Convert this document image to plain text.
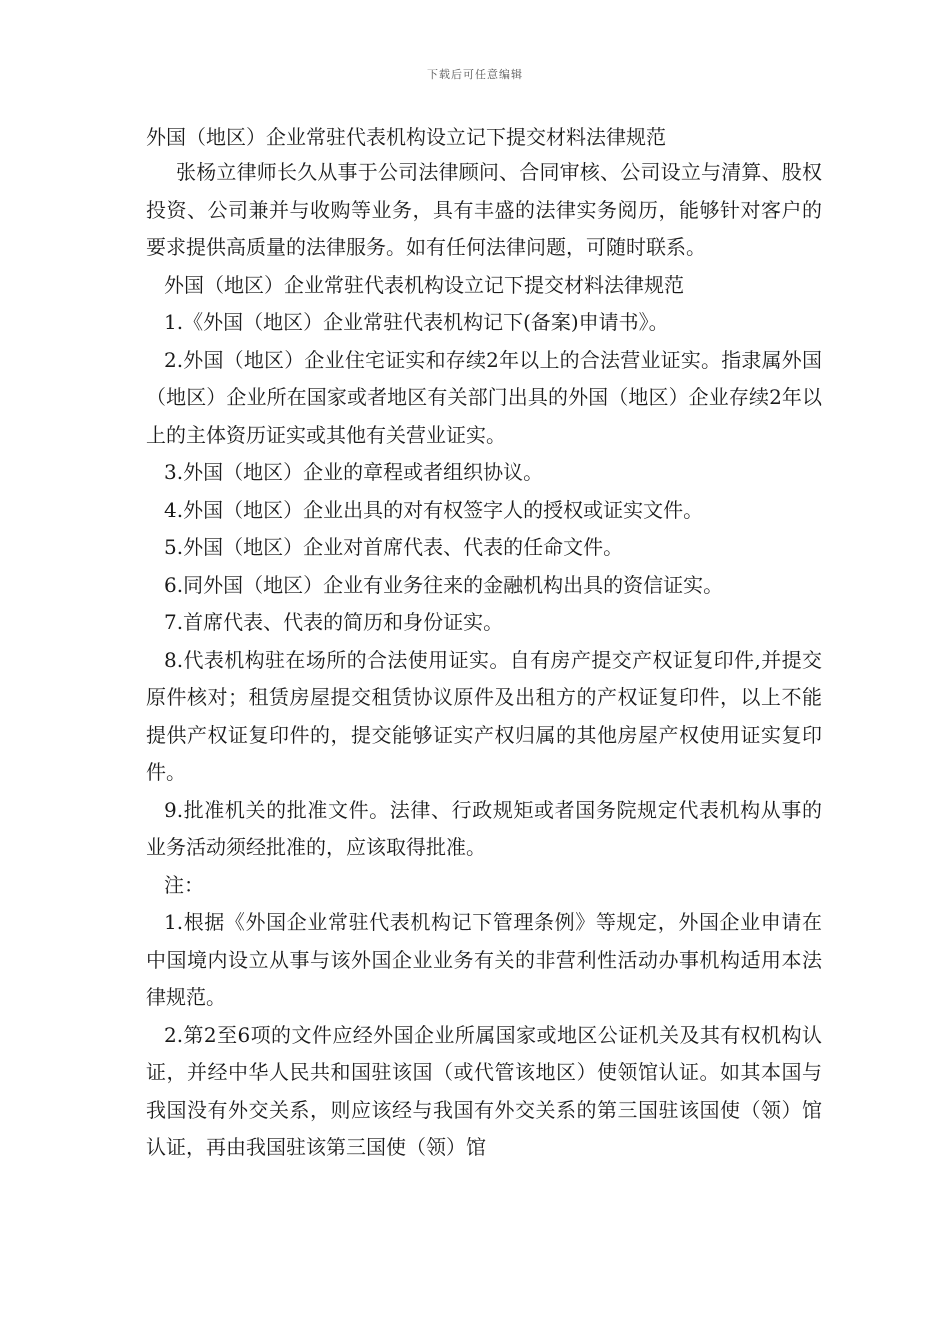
下载后可任意编辑
外国（地区）企业常驻代表机构设立记下提交材料法律规范

张杨立律师长久从事于公司法律顾问、合同审核、公司设立与清算、股权投资、公司兼并与收购等业务，具有丰盛的法律实务阅历，能够针对客户的要求提供高质量的法律服务。如有任何法律问题，可随时联系。

外国（地区）企业常驻代表机构设立记下提交材料法律规范

1.《外国（地区）企业常驻代表机构记下(备案)申请书》。

2.外国（地区）企业住宅证实和存续2年以上的合法营业证实。指隶属外国（地区）企业所在国家或者地区有关部门出具的外国（地区）企业存续2年以上的主体资历证实或其他有关营业证实。

3.外国（地区）企业的章程或者组织协议。

4.外国（地区）企业出具的对有权签字人的授权或证实文件。

5.外国（地区）企业对首席代表、代表的任命文件。

6.同外国（地区）企业有业务往来的金融机构出具的资信证实。

7.首席代表、代表的简历和身份证实。

8.代表机构驻在场所的合法使用证实。自有房产提交产权证复印件,并提交原件核对；租赁房屋提交租赁协议原件及出租方的产权证复印件，以上不能提供产权证复印件的，提交能够证实产权归属的其他房屋产权使用证实复印件。

9.批准机关的批准文件。法律、行政规矩或者国务院规定代表机构从事的业务活动须经批准的，应该取得批准。

注：

1.根据《外国企业常驻代表机构记下管理条例》等规定，外国企业申请在中国境内设立从事与该外国企业业务有关的非营利性活动办事机构适用本法律规范。

2.第2至6项的文件应经外国企业所属国家或地区公证机关及其有权机构认证，并经中华人民共和国驻该国（或代管该地区）使领馆认证。如其本国与我国没有外交关系，则应该经与我国有外交关系的第三国驻该国使（领）馆认证，再由我国驻该第三国使（领）馆
